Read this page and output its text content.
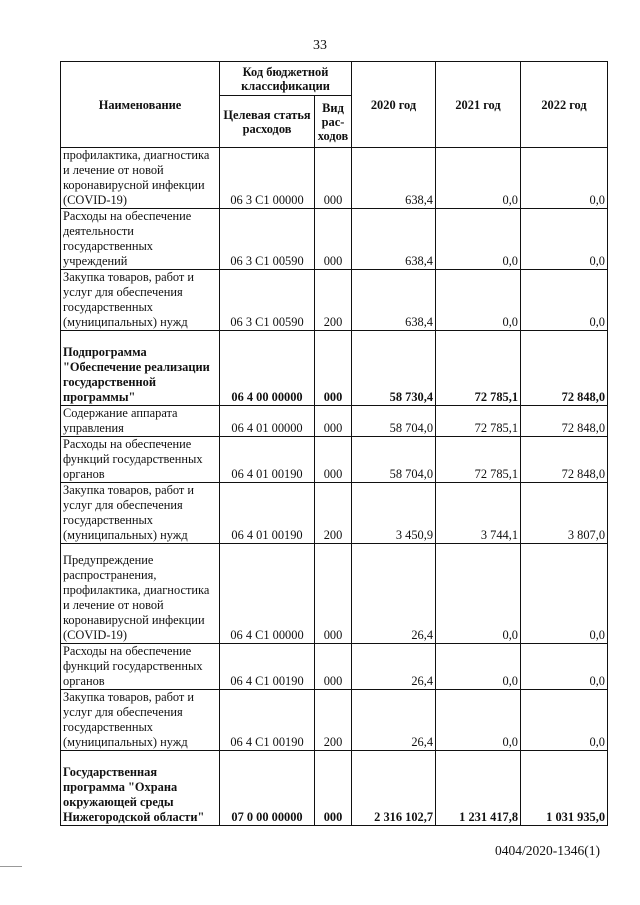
33
Наименование	Код бюджетной классификации		2020 год	2021 год	2022 год
	Целевая статья расходов	Вид рас-ходов			
профилактика, диагностика и лечение от новой коронавирусной инфекции (COVID-19)	06 3 C1 00000	000	638,4	0,0	0,0
Расходы на обеспечение деятельности государственных учреждений	06 3 C1 00590	000	638,4	0,0	0,0
Закупка товаров, работ и услуг для обеспечения государственных (муниципальных) нужд	06 3 C1 00590	200	638,4	0,0	0,0
Подпрограмма "Обеспечение реализации государственной программы"	06 4 00 00000	000	58 730,4	72 785,1	72 848,0
Содержание аппарата управления	06 4 01 00000	000	58 704,0	72 785,1	72 848,0
Расходы на обеспечение функций государственных органов	06 4 01 00190	000	58 704,0	72 785,1	72 848,0
Закупка товаров, работ и услуг для обеспечения государственных (муниципальных) нужд	06 4 01 00190	200	3 450,9	3 744,1	3 807,0
Предупреждение распространения, профилактика, диагностика и лечение от новой коронавирусной инфекции (COVID-19)	06 4 C1 00000	000	26,4	0,0	0,0
Расходы на обеспечение функций государственных органов	06 4 C1 00190	000	26,4	0,0	0,0
Закупка товаров, работ и услуг для обеспечения государственных (муниципальных) нужд	06 4 C1 00190	200	26,4	0,0	0,0
Государственная программа "Охрана окружающей среды Нижегородской области"	07 0 00 00000	000	2 316 102,7	1 231 417,8	1 031 935,0
0404/2020-1346(1)
